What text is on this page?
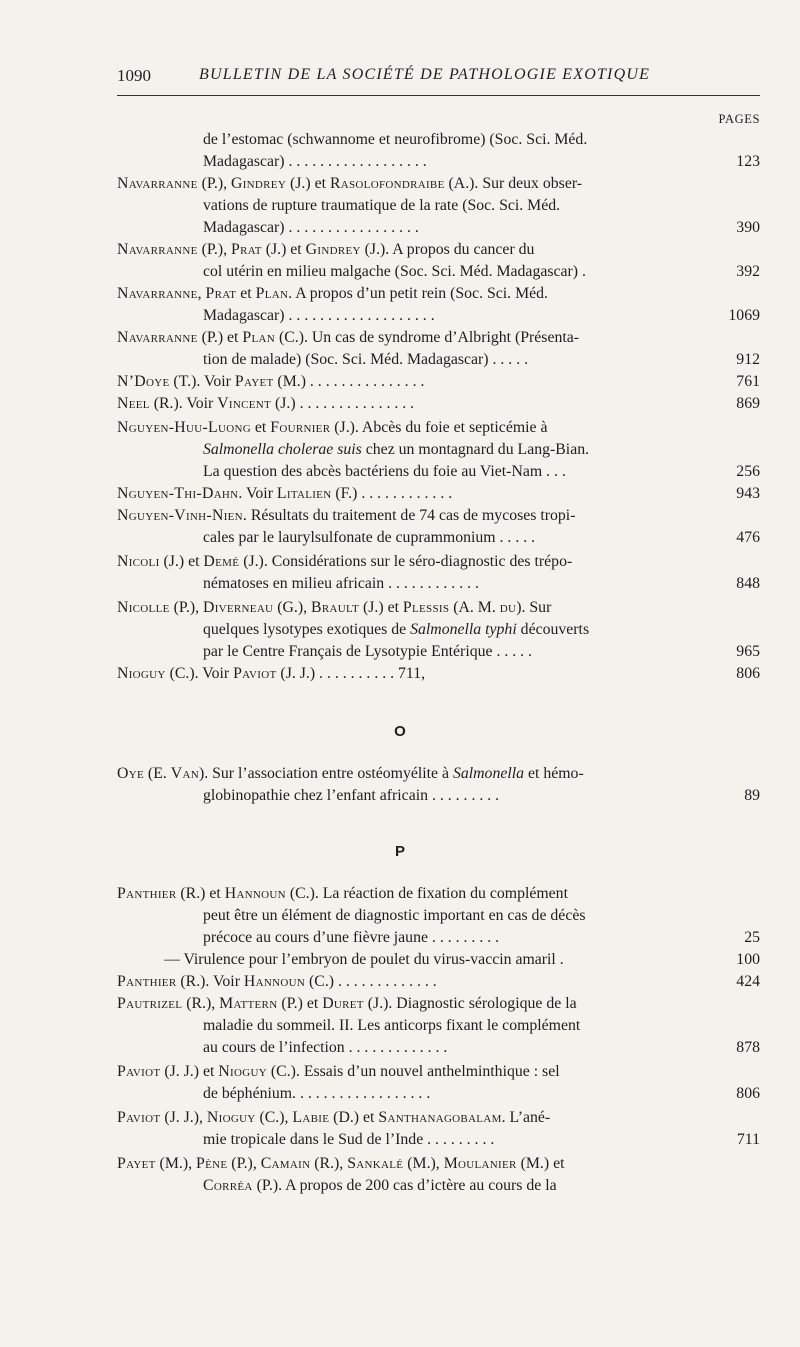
1090	BULLETIN DE LA SOCIÉTÉ DE PATHOLOGIE EXOTIQUE
PAGES
de l’estomac (schwannome et neurofibrome) (Soc. Sci. Méd.
Madagascar) . . . . . . . . . . . . . . . . . .	123
Navarranne (P.), Gindrey (J.) et Rasolofondraibe (A.). Sur deux obser-
vations de rupture traumatique de la rate (Soc. Sci. Méd.
Madagascar) . . . . . . . . . . . . . . . . .	390
Navarranne (P.), Prat (J.) et Gindrey (J.). A propos du cancer du
col utérin en milieu malgache (Soc. Sci. Méd. Madagascar) .	392
Navarranne, Prat et Plan. A propos d’un petit rein (Soc. Sci. Méd.
Madagascar) . . . . . . . . . . . . . . . . . . .	1069
Navarranne (P.) et Plan (C.). Un cas de syndrome d’Albright (Présenta-
tion de malade) (Soc. Sci. Méd. Madagascar) . . . . .	912
N’Doye (T.). Voir Payet (M.) . . . . . . . . . . . . . . .	761
Neel (R.). Voir Vincent (J.) . . . . . . . . . . . . . . .	869
Nguyen-Huu-Luong et Fournier (J.). Abcès du foie et septicémie à
Salmonella cholerae suis chez un montagnard du Lang-Bian.
La question des abcès bactériens du foie au Viet-Nam . . .	256
Nguyen-Thi-Dahn. Voir Litalien (F.) . . . . . . . . . . . .	943
Nguyen-Vinh-Nien. Résultats du traitement de 74 cas de mycoses tropi-
cales par le laurylsulfonate de cuprammonium . . . . .	476
Nicoli (J.) et Demé (J.). Considérations sur le séro-diagnostic des trépo-
nématoses en milieu africain . . . . . . . . . . . .	848
Nicolle (P.), Diverneau (G.), Brault (J.) et Plessis (A. M. du). Sur
quelques lysotypes exotiques de Salmonella typhi découverts
par le Centre Français de Lysotypie Entérique . . . . .	965
Nioguy (C.). Voir Paviot (J. J.) . . . . . . . . . . 711,	806
Oye (E. Van). Sur l’association entre ostéomyélite à Salmonella et hémo-
globinopathie chez l’enfant africain . . . . . . . . .	89
Panthier (R.) et Hannoun (C.). La réaction de fixation du complément
peut être un élément de diagnostic important en cas de décès
précoce au cours d’une fièvre jaune . . . . . . . . .	25
— Virulence pour l’embryon de poulet du virus-vaccin amaril .	100
Panthier (R.). Voir Hannoun (C.) . . . . . . . . . . . . .	424
Pautrizel (R.), Mattern (P.) et Duret (J.). Diagnostic sérologique de la
maladie du sommeil. II. Les anticorps fixant le complément
au cours de l’infection . . . . . . . . . . . . .	878
Paviot (J. J.) et Nioguy (C.). Essais d’un nouvel anthelminthique : sel
de béphénium. . . . . . . . . . . . . . . . . .	806
Paviot (J. J.), Nioguy (C.), Labie (D.) et Santhanagobalam. L’ané-
mie tropicale dans le Sud de l’Inde . . . . . . . . .	711
Payet (M.), Pène (P.), Camain (R.), Sankalé (M.), Moulanier (M.) et
Corréa (P.). A propos de 200 cas d’ictère au cours de la
O
P
